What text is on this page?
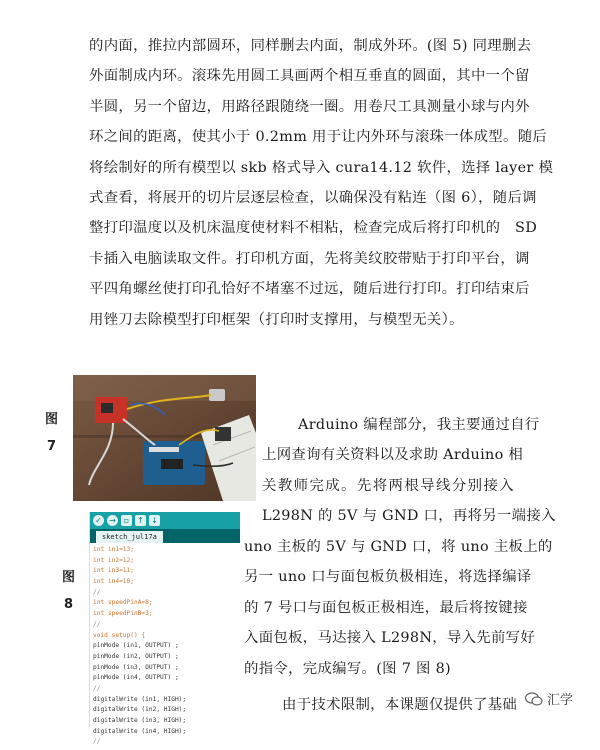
的内面，推拉内部圆环，同样删去内面，制成外环。(图 5) 同理删去
外面制成内环。滚珠先用圆工具画两个相互垂直的圆面，其中一个留
半圆，另一个留边，用路径跟随绕一圈。用卷尺工具测量小球与内外
环之间的距离，使其小于 0.2mm 用于让内外环与滚珠一体成型。随后
将绘制好的所有模型以 skb 格式导入 cura14.12 软件，选择 layer 模
式查看，将展开的切片层逐层检查，以确保没有粘连（图 6），随后调
整打印温度以及机床温度使材料不相粘，检查完成后将打印机的　SD
卡插入电脑读取文件。打印机方面，先将美纹胶带贴于打印平台，调
平四角螺丝使打印孔恰好不堵塞不过远，随后进行打印。打印结束后
用锉刀去除模型打印框架（打印时支撑用，与模型无关）。
图
7
Arduino 编程部分，我主要通过自行
上网查询有关资料以及求助 Arduino 相
关教师完成。先将两根导线分别接入
L298N 的 5V 与 GND 口，再将另一端接入
uno 主板的 5V 与 GND 口，将 uno 主板上的
另一 uno 口与面包板负极相连，将选择编译
的 7 号口与面包板正极相连，最后将按键接
入面包板，马达接入 L298N，导入先前写好
的指令，完成编写。(图 7 图 8)
由于技术限制，本课题仅提供了基础
图
8
✓ → ▫ ↑ ↓
sketch_jul17a
int in1=13;
int in2=12;
int in3=11;
int in4=10;
//
int speedPinA=8;
int speedPinB=3;
//
void setup() {
pinMode (in1, OUTPUT) ;
pinMode (in2, OUTPUT) ;
pinMode (in3, OUTPUT) ;
pinMode (in4, OUTPUT) ;
//
digitalWrite (in1, HIGH);
digitalWrite (in2, HIGH);
digitalWrite (in3, HIGH);
digitalWrite (in4, HIGH);
//
汇学
